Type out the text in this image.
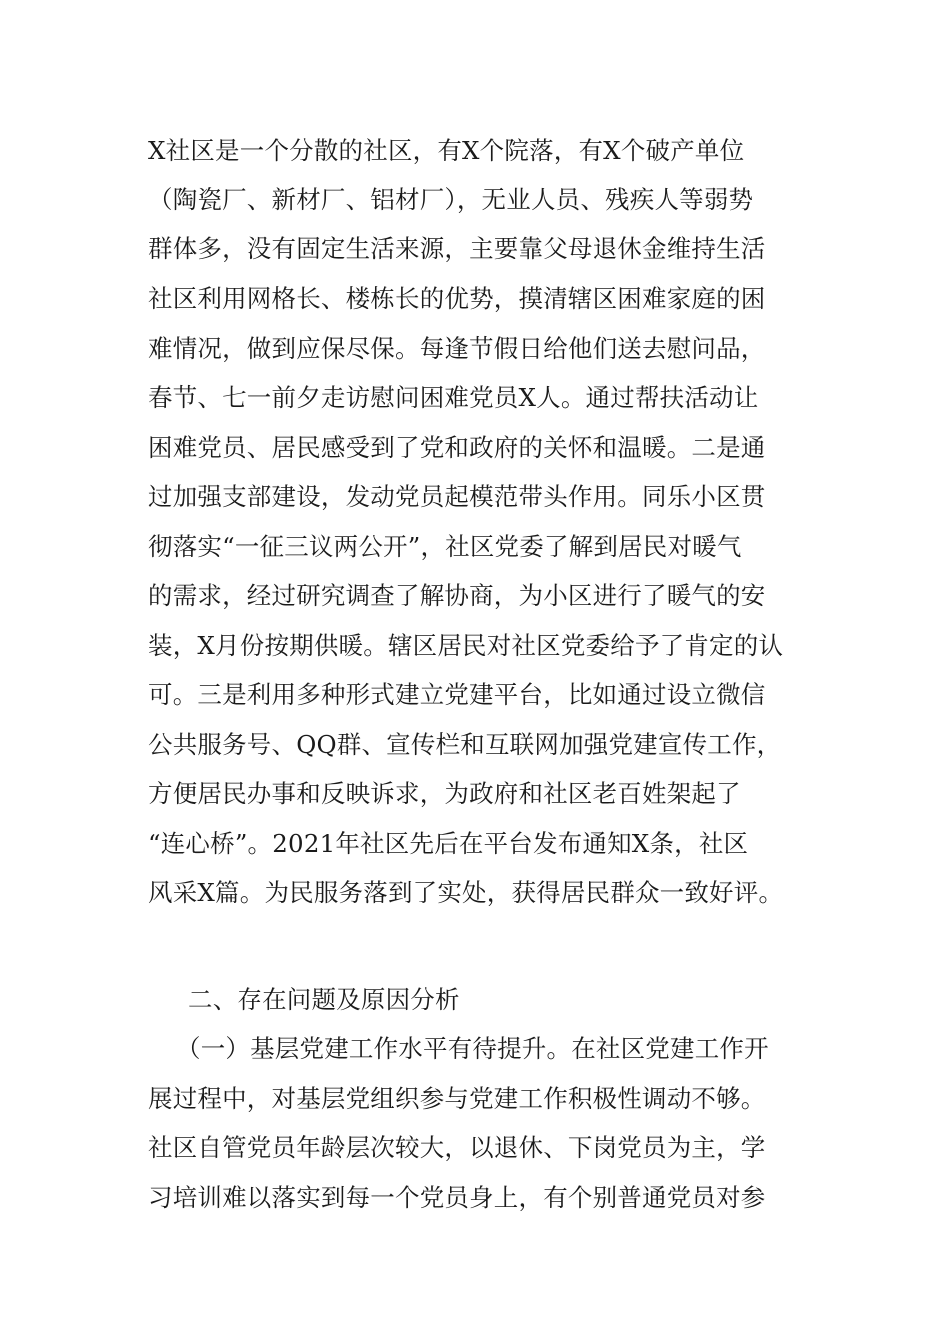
X社区是一个分散的社区，有X个院落，有X个破产单位
（陶瓷厂、新材厂、铝材厂），无业人员、残疾人等弱势
群体多，没有固定生活来源，主要靠父母退休金维持生活
社区利用网格长、楼栋长的优势，摸清辖区困难家庭的困
难情况，做到应保尽保。每逢节假日给他们送去慰问品，
春节、七一前夕走访慰问困难党员X人。通过帮扶活动让
困难党员、居民感受到了党和政府的关怀和温暖。二是通
过加强支部建设，发动党员起模范带头作用。同乐小区贯
彻落实“一征三议两公开”，社区党委了解到居民对暖气
的需求，经过研究调查了解协商，为小区进行了暖气的安
装，X月份按期供暖。辖区居民对社区党委给予了肯定的认
可。三是利用多种形式建立党建平台，比如通过设立微信
公共服务号、QQ群、宣传栏和互联网加强党建宣传工作，
方便居民办事和反映诉求，为政府和社区老百姓架起了
“连心桥”。2021年社区先后在平台发布通知X条，社区
风采X篇。为民服务落到了实处，获得居民群众一致好评。
二、存在问题及原因分析
（一）基层党建工作水平有待提升。在社区党建工作开
展过程中，对基层党组织参与党建工作积极性调动不够。
社区自管党员年龄层次较大，以退休、下岗党员为主，学
习培训难以落实到每一个党员身上，有个别普通党员对参
